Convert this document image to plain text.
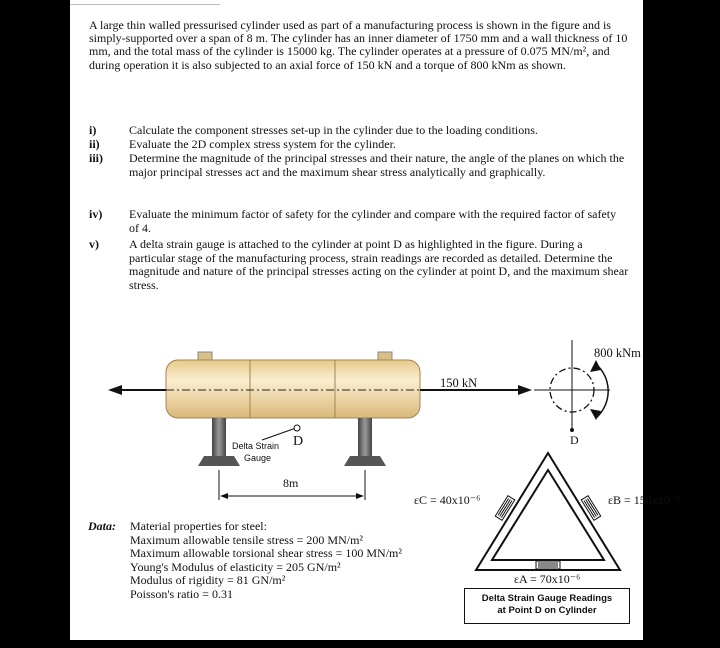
A large thin walled pressurised cylinder used as part of a manufacturing process is shown in the figure and is simply-supported over a span of 8 m. The cylinder has an inner diameter of 1750 mm and a wall thickness of 10 mm, and the total mass of the cylinder is 15000 kg. The cylinder operates at a pressure of 0.075 MN/m², and during operation it is also subjected to an axial force of 150 kN and a torque of 800 kNm as shown.

i)	Calculate the component stresses set-up in the cylinder due to the loading conditions.
ii)	Evaluate the 2D complex stress system for the cylinder.
iii)	Determine the magnitude of the principal stresses and their nature, the angle of the planes on which the major principal stresses act and the maximum shear stress analytically and graphically.
iv)	Evaluate the minimum factor of safety for the cylinder and compare with the required factor of safety of 4.
v)	A delta strain gauge is attached to the cylinder at point D as highlighted in the figure. During a particular stage of the manufacturing process, strain readings are recorded as detailed. Determine the magnitude and nature of the principal stresses acting on the cylinder at point D, and the maximum shear stress.
800 kNm
150 kN
D
Delta Strain
Gauge
D
8m
εC = 40x10⁻⁶	εB = 150x10⁻⁶
εA = 70x10⁻⁶
Delta Strain Gauge Readings
at Point D on Cylinder
Data: Material properties for steel:
Maximum allowable tensile stress = 200 MN/m²
Maximum allowable torsional shear stress = 100 MN/m²
Young's Modulus of elasticity = 205 GN/m²
Modulus of rigidity = 81 GN/m²
Poisson's ratio = 0.31
